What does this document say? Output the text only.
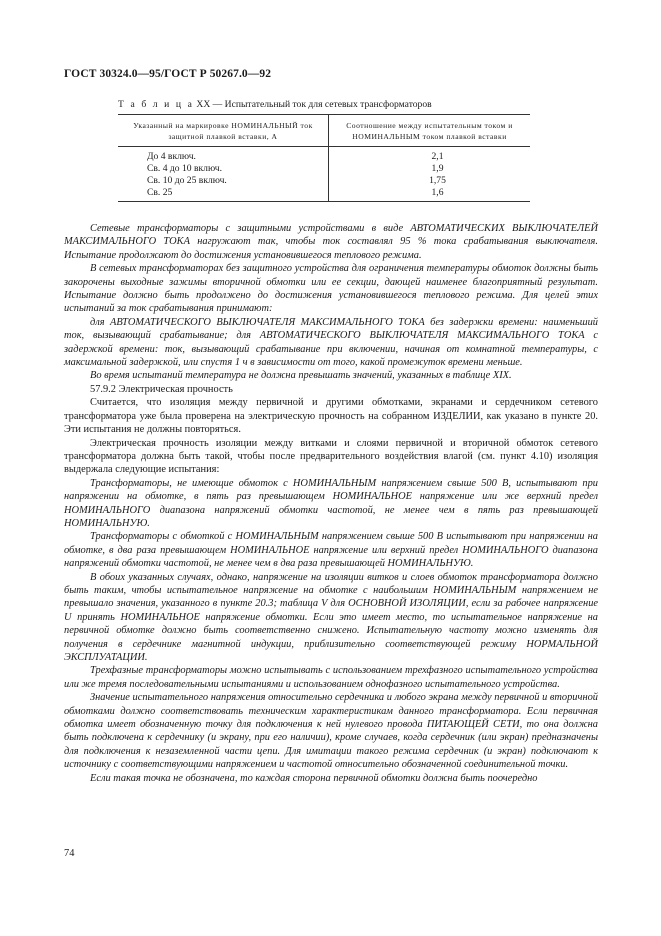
ГОСТ 30324.0—95/ГОСТ Р 50267.0—92
Т а б л и ц а XX — Испытательный ток для сетевых трансформаторов
Указанный на маркировке НОМИНАЛЬНЫЙ ток защитной плавкой вставки, А	Соотношение между испытательным током и НОМИНАЛЬНЫМ током плавкой вставки
До 4 включ.	2,1
Св. 4 до 10 включ.	1,9
Св. 10 до 25 включ.	1,75
Св. 25	1,6

Сетевые трансформаторы с защитными устройствами в виде АВТОМАТИЧЕСКИХ ВЫКЛЮЧАТЕЛЕЙ МАКСИМАЛЬНОГО ТОКА нагружают так, чтобы ток составлял 95 % тока срабатывания выключателя. Испытание продолжают до достижения установившегося теплового режима.

В сетевых трансформаторах без защитного устройства для ограничения температуры обмоток должны быть закорочены выходные зажимы вторичной обмотки или ее секции, дающей наименее благоприятный результат. Испытание должно быть продолжено до достижения установившегося теплового режима. Для целей этих испытаний за ток срабатывания принимают:

для АВТОМАТИЧЕСКОГО ВЫКЛЮЧАТЕЛЯ МАКСИМАЛЬНОГО ТОКА без задержки времени: наименьший ток, вызывающий срабатывание; для АВТОМАТИЧЕСКОГО ВЫКЛЮЧАТЕЛЯ МАКСИМАЛЬНОГО ТОКА с задержкой времени: ток, вызывающий срабатывание при включении, начиная от комнатной температуры, с максимальной задержкой, или спустя 1 ч в зависимости от того, какой промежуток времени меньше.

Во время испытаний температура не должна превышать значений, указанных в таблице XIX.

57.9.2 Электрическая прочность

Считается, что изоляция между первичной и другими обмотками, экранами и сердечником сетевого трансформатора уже была проверена на электрическую прочность на собранном ИЗДЕЛИИ, как указано в пункте 20. Эти испытания не должны повторяться.

Электрическая прочность изоляции между витками и слоями первичной и вторичной обмоток сетевого трансформатора должна быть такой, чтобы после предварительного воздействия влагой (см. пункт 4.10) изоляция выдержала следующие испытания:

Трансформаторы, не имеющие обмоток с НОМИНАЛЬНЫМ напряжением свыше 500 В, испытывают при напряжении на обмотке, в пять раз превышающем НОМИНАЛЬНОЕ напряжение или же верхний предел НОМИНАЛЬНОГО диапазона напряжений обмотки частотой, не менее чем в пять раз превышающей НОМИНАЛЬНУЮ.

Трансформаторы с обмоткой с НОМИНАЛЬНЫМ напряжением свыше 500 В испытывают при напряжении на обмотке, в два раза превышающем НОМИНАЛЬНОЕ напряжение или верхний предел НОМИНАЛЬНОГО диапазона напряжений обмотки частотой, не менее чем в два раза превышающей НОМИНАЛЬНУЮ.

В обоих указанных случаях, однако, напряжение на изоляции витков и слоев обмоток трансформатора должно быть таким, чтобы испытательное напряжение на обмотке с наибольшим НОМИНАЛЬНЫМ напряжением не превышало значения, указанного в пункте 20.3; таблица V для ОСНОВНОЙ ИЗОЛЯЦИИ, если за рабочее напряжение U принять НОМИНАЛЬНОЕ напряжение обмотки. Если это имеет место, то испытательное напряжение на первичной обмотке должно быть соответственно снижено. Испытательную частоту можно изменять для получения в сердечнике магнитной индукции, приблизительно соответствующей режиму НОРМАЛЬНОЙ ЭКСПЛУАТАЦИИ.

Трехфазные трансформаторы можно испытывать с использованием трехфазного испытательного устройства или же тремя последовательными испытаниями и использованием однофазного испытательного устройства.

Значение испытательного напряжения относительно сердечника и любого экрана между первичной и вторичной обмотками должно соответствовать техническим характеристикам данного трансформатора. Если первичная обмотка имеет обозначенную точку для подключения к ней нулевого провода ПИТАЮЩЕЙ СЕТИ, то она должна быть подключена к сердечнику (и экрану, при его наличии), кроме случаев, когда сердечник (или экран) предназначены для подключения к незаземленной части цепи. Для имитации такого режима сердечник (и экран) подключают к источнику с соответствующими напряжением и частотой относительно обозначенной соединительной точки.

Если такая точка не обозначена, то каждая сторона первичной обмотки должна быть поочередно

74
